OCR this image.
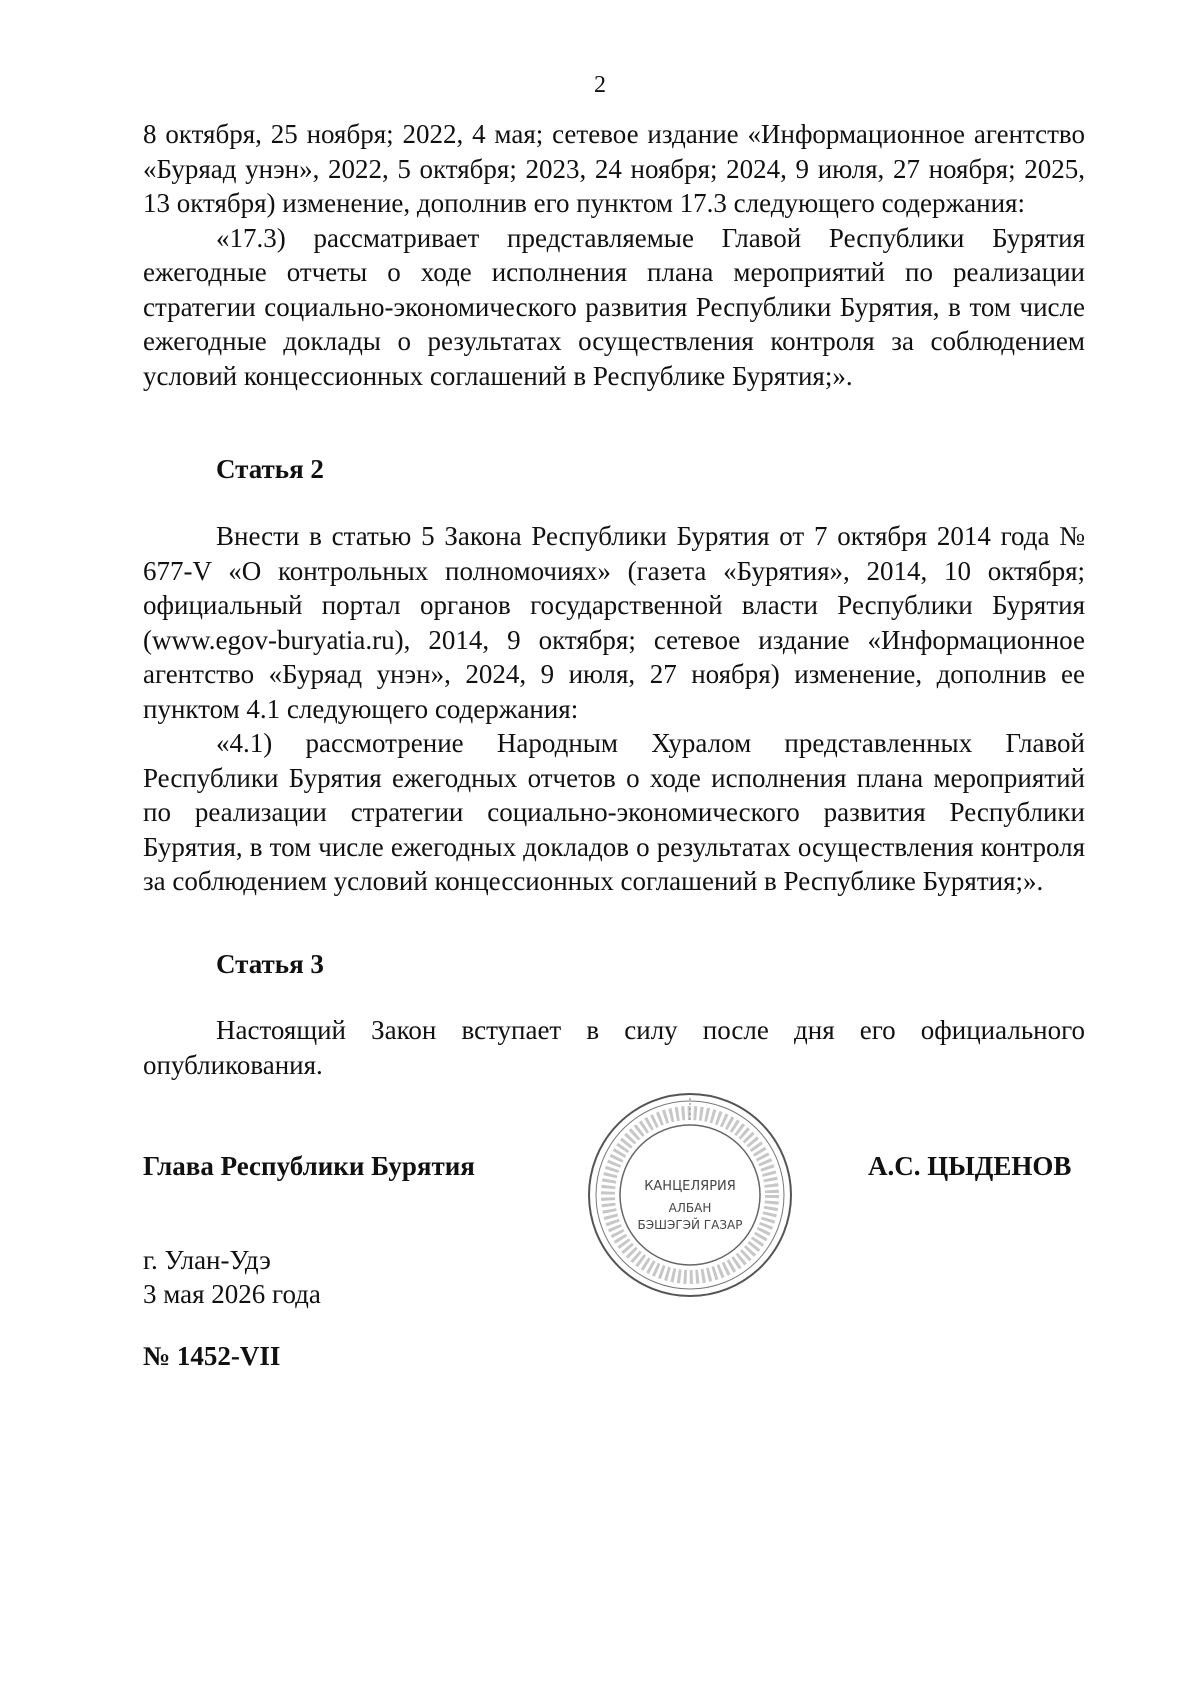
2

8 октября, 25 ноября; 2022, 4 мая; сетевое издание «Информационное агентство «Буряад унэн», 2022, 5 октября; 2023, 24 ноября; 2024, 9 июля, 27 ноября; 2025, 13 октября) изменение, дополнив его пунктом 17.3 следующего содержания:

«17.3) рассматривает представляемые Главой Республики Бурятия ежегодные отчеты о ходе исполнения плана мероприятий по реализации стратегии социально-экономического развития Республики Бурятия, в том числе ежегодные доклады о результатах осуществления контроля за соблюдением условий концессионных соглашений в Республике Бурятия;».

Статья 2

Внести в статью 5 Закона Республики Бурятия от 7 октября 2014 года № 677-V «О контрольных полномочиях» (газета «Бурятия», 2014, 10 октября; официальный портал органов государственной власти Республики Бурятия (www.egov-buryatia.ru), 2014, 9 октября; сетевое издание «Информационное агентство «Буряад унэн», 2024, 9 июля, 27 ноября) изменение, дополнив ее пунктом 4.1 следующего содержания:

«4.1) рассмотрение Народным Хуралом представленных Главой Республики Бурятия ежегодных отчетов о ходе исполнения плана мероприятий по реализации стратегии социально-экономического развития Республики Бурятия, в том числе ежегодных докладов о результатах осуществления контроля за соблюдением условий концессионных соглашений в Республике Бурятия;».

Статья 3

Настоящий Закон вступает в силу после дня его официального опубликования.

Глава Республики Бурятия	А.С. ЦЫДЕНОВ
КАНЦЕЛЯРИЯ
АЛБАН
БЭШЭГЭЙ ГАЗАР
г. Улан-Удэ
3 мая 2026 года
№ 1452-VII
